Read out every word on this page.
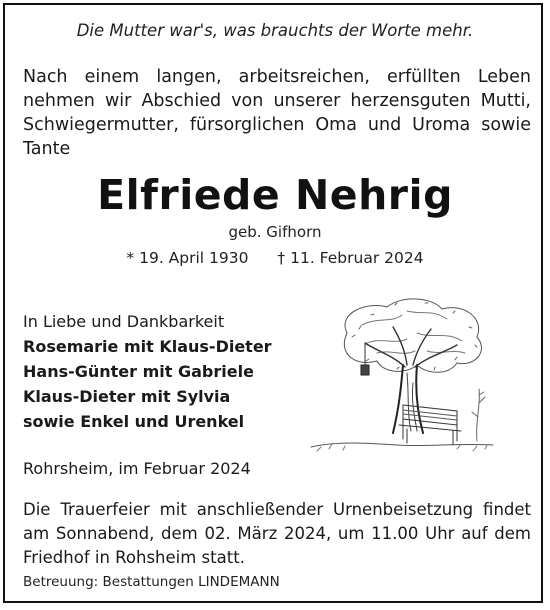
Die Mutter war's, was brauchts der Worte mehr.
Nach einem langen, arbeitsreichen, erfüllten Leben nehmen wir Abschied von unserer herzensguten Mutti, Schwiegermutter, fürsorglichen Oma und Uroma sowie Tante
Elfriede Nehrig
geb. Gifhorn
* 19. April 1930 † 11. Februar 2024
In Liebe und Dankbarkeit
Rosemarie mit Klaus-Dieter
Hans-Günter mit Gabriele
Klaus-Dieter mit Sylvia
sowie Enkel und Urenkel
Rohrsheim, im Februar 2024
Die Trauerfeier mit anschließender Urnenbeisetzung findet am Sonnabend, dem 02. März 2024, um 11.00 Uhr auf dem Friedhof in Rohsheim statt.
Betreuung: Bestattungen LINDEMANN
